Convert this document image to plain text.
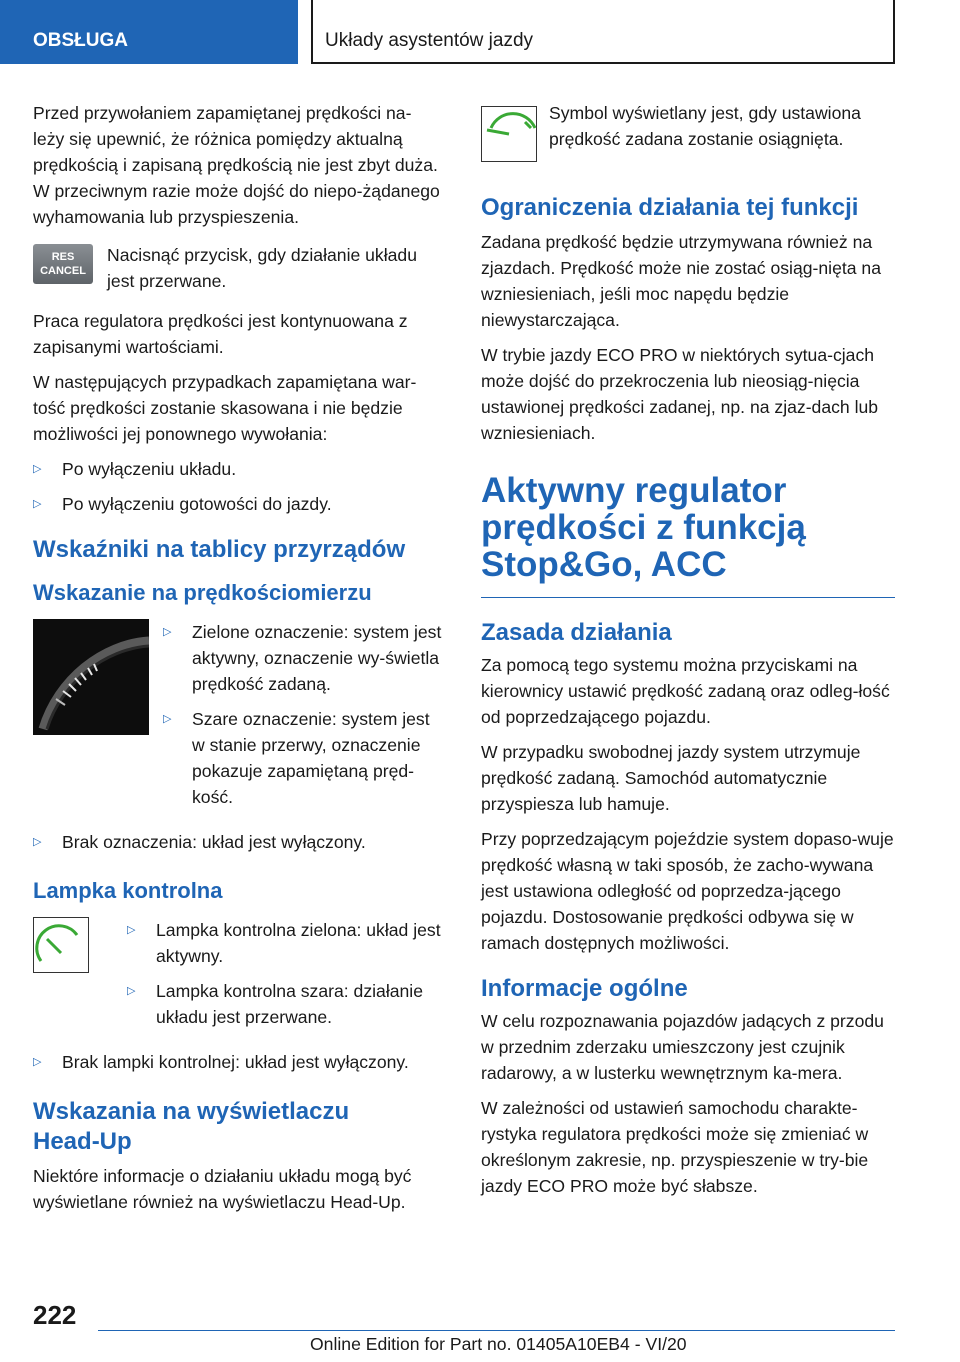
OBSŁUGA	Układy asystentów jazdy

Przed przywołaniem zapamiętanej prędkości na-leży się upewnić, że różnica pomiędzy aktualną prędkością i zapisaną prędkością nie jest zbyt duża. W przeciwnym razie może dojść do niepo-żądanego wyhamowania lub przyspieszenia.

RES
CANCEL

Nacisnąć przycisk, gdy działanie układu jest przerwane.

Praca regulatora prędkości jest kontynuowana z zapisanymi wartościami.

W następujących przypadkach zapamiętana war-tość prędkości zostanie skasowana i nie będzie możliwości jej ponownego wywołania:

▷	Po wyłączeniu układu.
▷	Po wyłączeniu gotowości do jazdy.
Wskaźniki na tablicy przyrządów
Wskazanie na prędkościomierzu
▷	Zielone oznaczenie: system jest aktywny, oznaczenie wy-świetla prędkość zadaną.
▷	Szare oznaczenie: system jest w stanie przerwy, oznaczenie pokazuje zapamiętaną pręd-kość.
▷	Brak oznaczenia: układ jest wyłączony.
Lampka kontrolna
▷	Lampka kontrolna zielona: układ jest aktywny.
▷	Lampka kontrolna szara: działanie układu jest przerwane.
▷	Brak lampki kontrolnej: układ jest wyłączony.
Wskazania na wyświetlaczu Head-Up

Niektóre informacje o działaniu układu mogą być wyświetlane również na wyświetlaczu Head-Up.

Symbol wyświetlany jest, gdy ustawiona prędkość zadana zostanie osiągnięta.

Ograniczenia działania tej funkcji

Zadana prędkość będzie utrzymywana również na zjazdach. Prędkość może nie zostać osiąg-nięta na wzniesieniach, jeśli moc napędu będzie niewystarczająca.

W trybie jazdy ECO PRO w niektórych sytua-cjach może dojść do przekroczenia lub nieosiąg-nięcia ustawionej prędkości zadanej, np. na zjaz-dach lub wzniesieniach.

Aktywny regulator prędkości z funkcją Stop&Go, ACC
Zasada działania

Za pomocą tego systemu można przyciskami na kierownicy ustawić prędkość zadaną oraz odleg-łość od poprzedzającego pojazdu.

W przypadku swobodnej jazdy system utrzymuje prędkość zadaną. Samochód automatycznie przyspiesza lub hamuje.

Przy poprzedzającym pojeździe system dopaso-wuje prędkość własną w taki sposób, że zacho-wywana jest ustawiona odległość od poprzedza-jącego pojazdu. Dostosowanie prędkości odbywa się w ramach dostępnych możliwości.

Informacje ogólne

W celu rozpoznawania pojazdów jadących z przodu w przednim zderzaku umieszczony jest czujnik radarowy, a w lusterku wewnętrznym ka-mera.

W zależności od ustawień samochodu charakte-rystyka regulatora prędkości może się zmieniać w określonym zakresie, np. przyspieszenie w try-bie jazdy ECO PRO może być słabsze.

222
Online Edition for Part no. 01405A10EB4 - VI/20
